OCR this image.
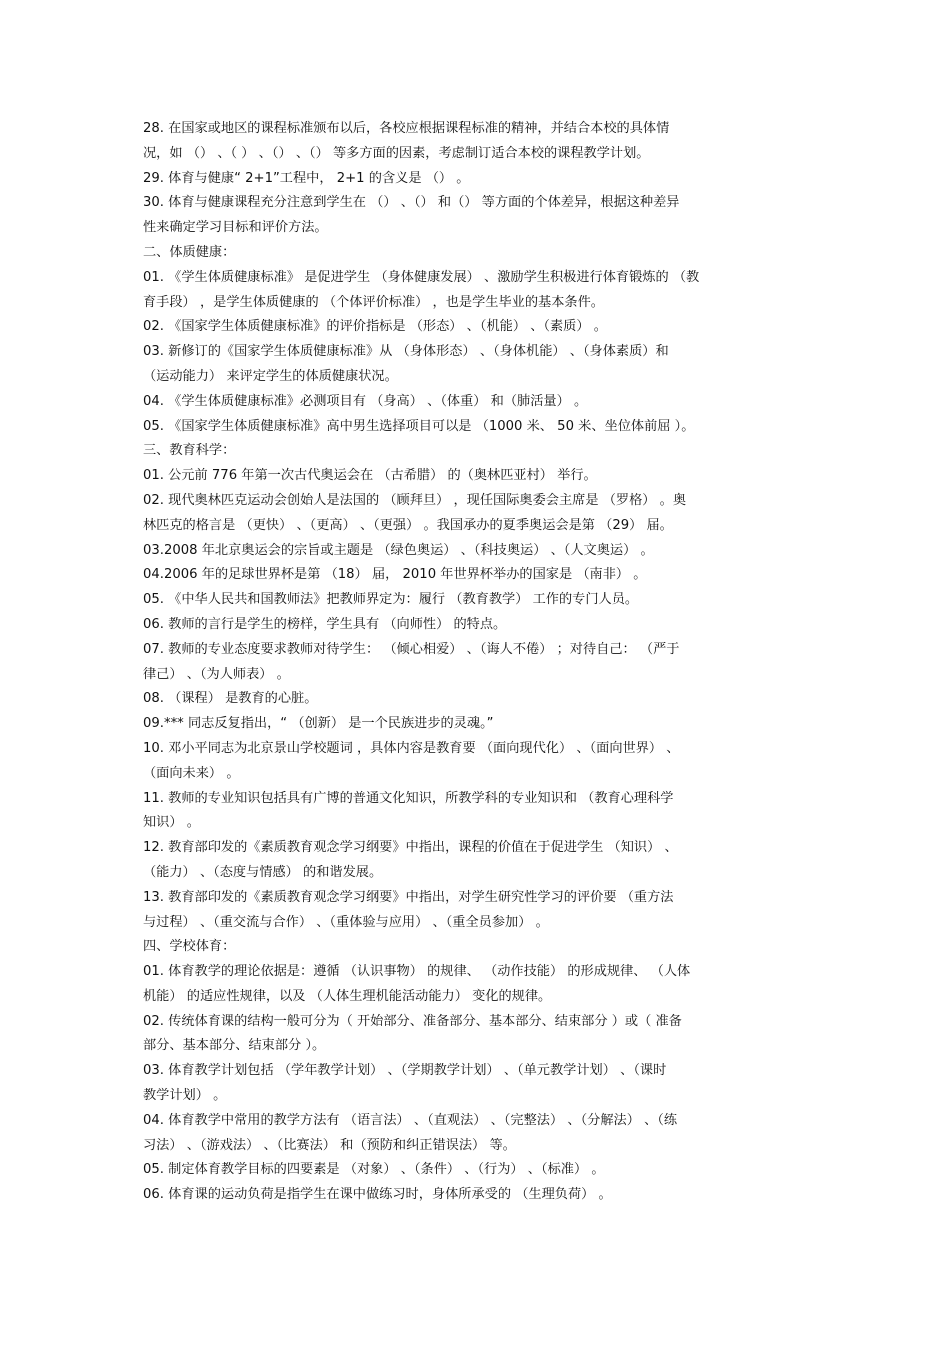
28. 在国家或地区的课程标准颁布以后，各校应根据课程标准的精神，并结合本校的具体情
况，如 （） 、（ ） 、（） 、（） 等多方面的因素，考虑制订适合本校的课程教学计划。
29. 体育与健康“ 2+1”工程中， 2+1 的含义是 （） 。
30. 体育与健康课程充分注意到学生在 （） 、（） 和（） 等方面的个体差异，根据这种差异
性来确定学习目标和评价方法。
二、体质健康：
01. 《学生体质健康标准》 是促进学生 （身体健康发展） 、激励学生积极进行体育锻炼的 （教
育手段） ，是学生体质健康的 （个体评价标准） ，也是学生毕业的基本条件。
02. 《国家学生体质健康标准》的评价指标是 （形态） 、（机能） 、（素质） 。
03. 新修订的《国家学生体质健康标准》从 （身体形态） 、（身体机能） 、（身体素质）和
（运动能力） 来评定学生的体质健康状况。
04. 《学生体质健康标准》必测项目有 （身高） 、（体重） 和（肺活量） 。
05. 《国家学生体质健康标准》高中男生选择项目可以是 （1000 米、 50 米、坐位体前屈 ）。
三、教育科学：
01. 公元前 776 年第一次古代奥运会在 （古希腊） 的（奥林匹亚村） 举行。
02. 现代奥林匹克运动会创始人是法国的 （顾拜旦） ，现任国际奥委会主席是 （罗格） 。奥
林匹克的格言是 （更快） 、（更高） 、（更强） 。我国承办的夏季奥运会是第 （29） 届。
03.2008 年北京奥运会的宗旨或主题是 （绿色奥运） 、（科技奥运） 、（人文奥运） 。
04.2006 年的足球世界杯是第 （18） 届， 2010 年世界杯举办的国家是 （南非） 。
05. 《中华人民共和国教师法》把教师界定为：履行 （教育教学） 工作的专门人员。
06. 教师的言行是学生的榜样，学生具有 （向师性） 的特点。
07. 教师的专业态度要求教师对待学生： （倾心相爱） 、（诲人不倦） ；对待自己： （严于
律己） 、（为人师表） 。
08. （课程） 是教育的心脏。
09.*** 同志反复指出，“ （创新） 是一个民族进步的灵魂。”
10. 邓小平同志为北京景山学校题词 ，具体内容是教育要 （面向现代化） 、（面向世界） 、
（面向未来） 。
11. 教师的专业知识包括具有广博的普通文化知识，所教学科的专业知识和 （教育心理科学
知识） 。
12. 教育部印发的《素质教育观念学习纲要》中指出，课程的价值在于促进学生 （知识） 、
（能力） 、（态度与情感） 的和谐发展。
13. 教育部印发的《素质教育观念学习纲要》中指出，对学生研究性学习的评价要 （重方法
与过程） 、（重交流与合作） 、（重体验与应用） 、（重全员参加） 。
四、学校体育：
01. 体育教学的理论依据是：遵循 （认识事物） 的规律、 （动作技能） 的形成规律、 （人体
机能） 的适应性规律，以及 （人体生理机能活动能力） 变化的规律。
02. 传统体育课的结构一般可分为（ 开始部分、准备部分、基本部分、结束部分 ）或（ 准备
部分、基本部分、结束部分 ）。
03. 体育教学计划包括 （学年教学计划） 、（学期教学计划） 、（单元教学计划） 、（课时
教学计划） 。
04. 体育教学中常用的教学方法有 （语言法） 、（直观法） 、（完整法） 、（分解法） 、（练
习法） 、（游戏法） 、（比赛法） 和（预防和纠正错误法） 等。
05. 制定体育教学目标的四要素是 （对象） 、（条件） 、（行为） 、（标准） 。
06. 体育课的运动负荷是指学生在课中做练习时，身体所承受的 （生理负荷） 。
